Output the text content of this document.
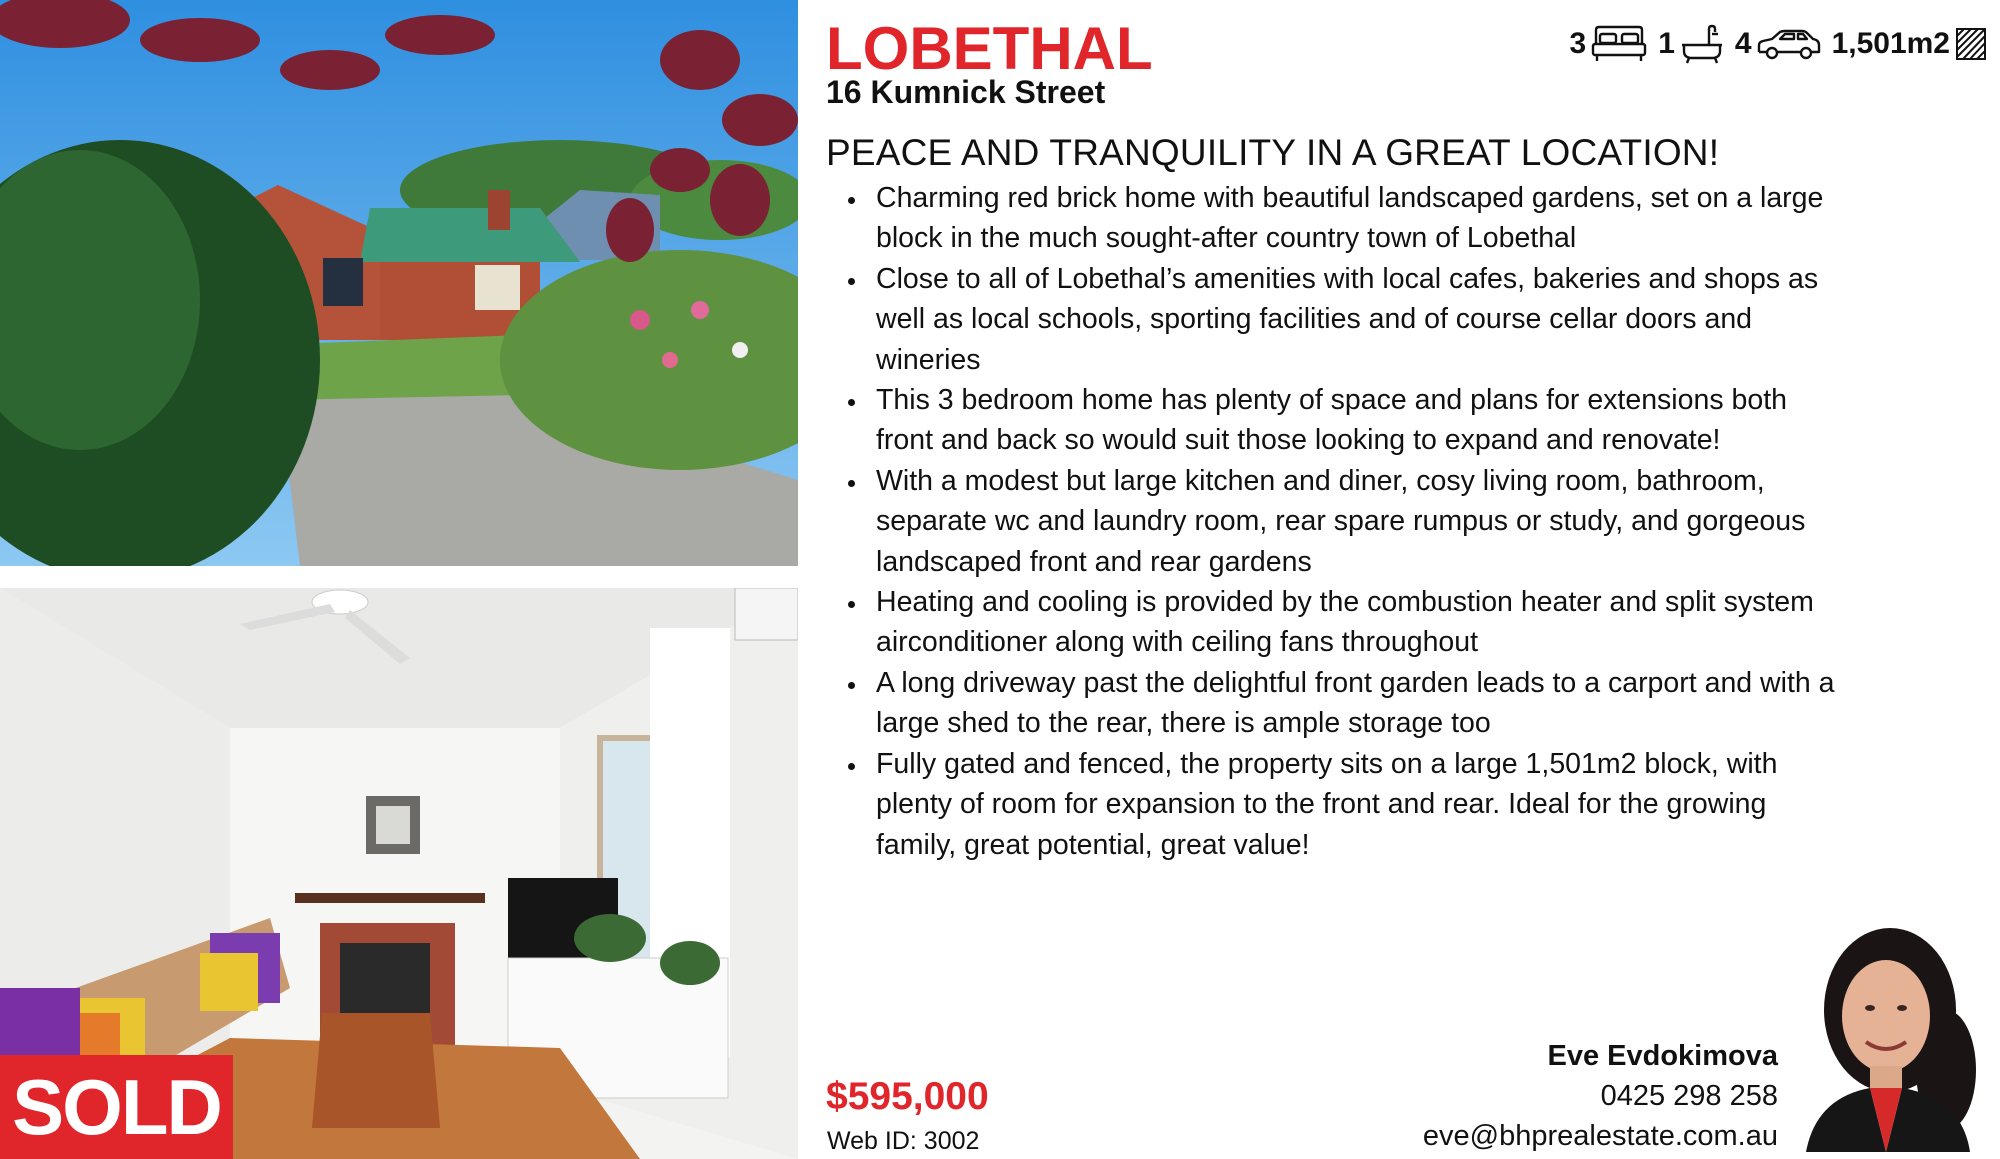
SOLD
LOBETHAL
16 Kumnick Street
3 1 4	1,501m2
PEACE AND TRANQUILITY IN A GREAT LOCATION!
Charming red brick home with beautiful landscaped gardens, set on a large block in the much sought-after country town of Lobethal
Close to all of Lobethal’s amenities with local cafes, bakeries and shops as well as local schools, sporting facilities and of course cellar doors and wineries
This 3 bedroom home has plenty of space and plans for extensions both front and back so would suit those looking to expand and renovate!
With a modest but large kitchen and diner, cosy living room, bathroom, separate wc and laundry room, rear spare rumpus or study, and gorgeous landscaped front and rear gardens
Heating and cooling is provided by the combustion heater and split system airconditioner along with ceiling fans throughout
A long driveway past the delightful front garden leads to a carport and with a large shed to the rear, there is ample storage too
Fully gated and fenced, the property sits on a large 1,501m2 block, with plenty of room for expansion to the front and rear. Ideal for the growing family, great potential, great value!
$595,000
Web ID: 3002
Eve Evdokimova
0425 298 258
eve@bhprealestate.com.au
